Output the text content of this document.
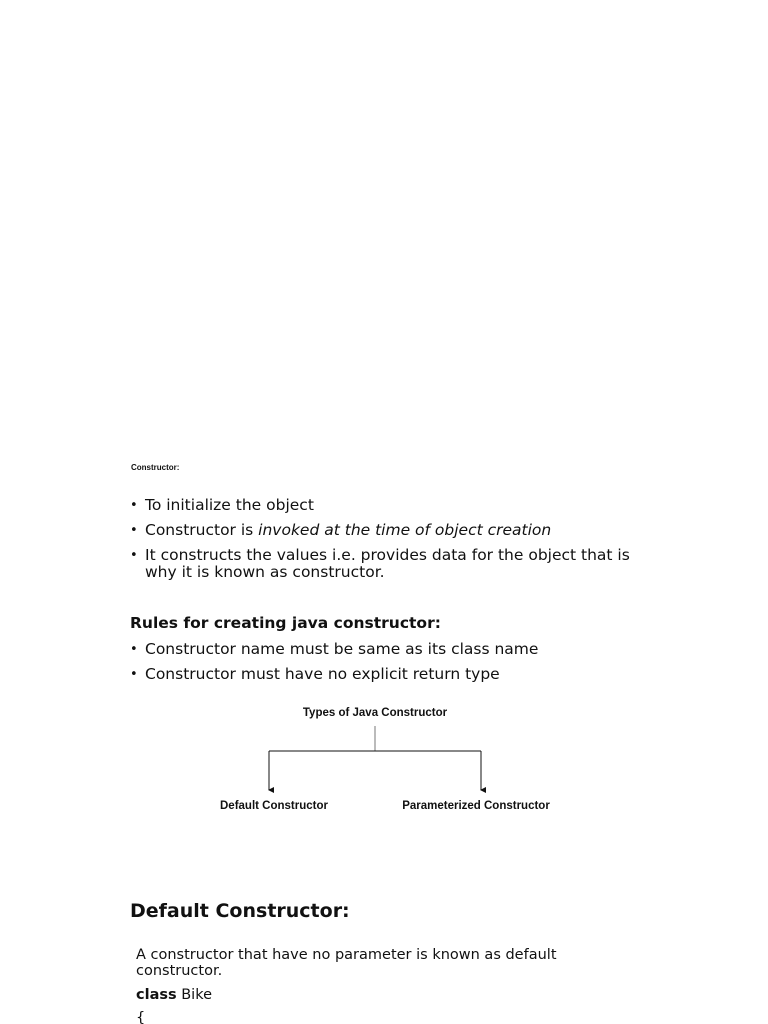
Constructor:
• To initialize the object
• Constructor is invoked at the time of object creation
• It constructs the values i.e. provides data for the object that is why it is known as constructor.
Rules for creating java constructor:
• Constructor name must be same as its class name
• Constructor must have no explicit return type
Types of Java Constructor
Default Constructor	Parameterized Constructor
Default Constructor:
A constructor that have no parameter is known as default constructor.
class Bike
{
